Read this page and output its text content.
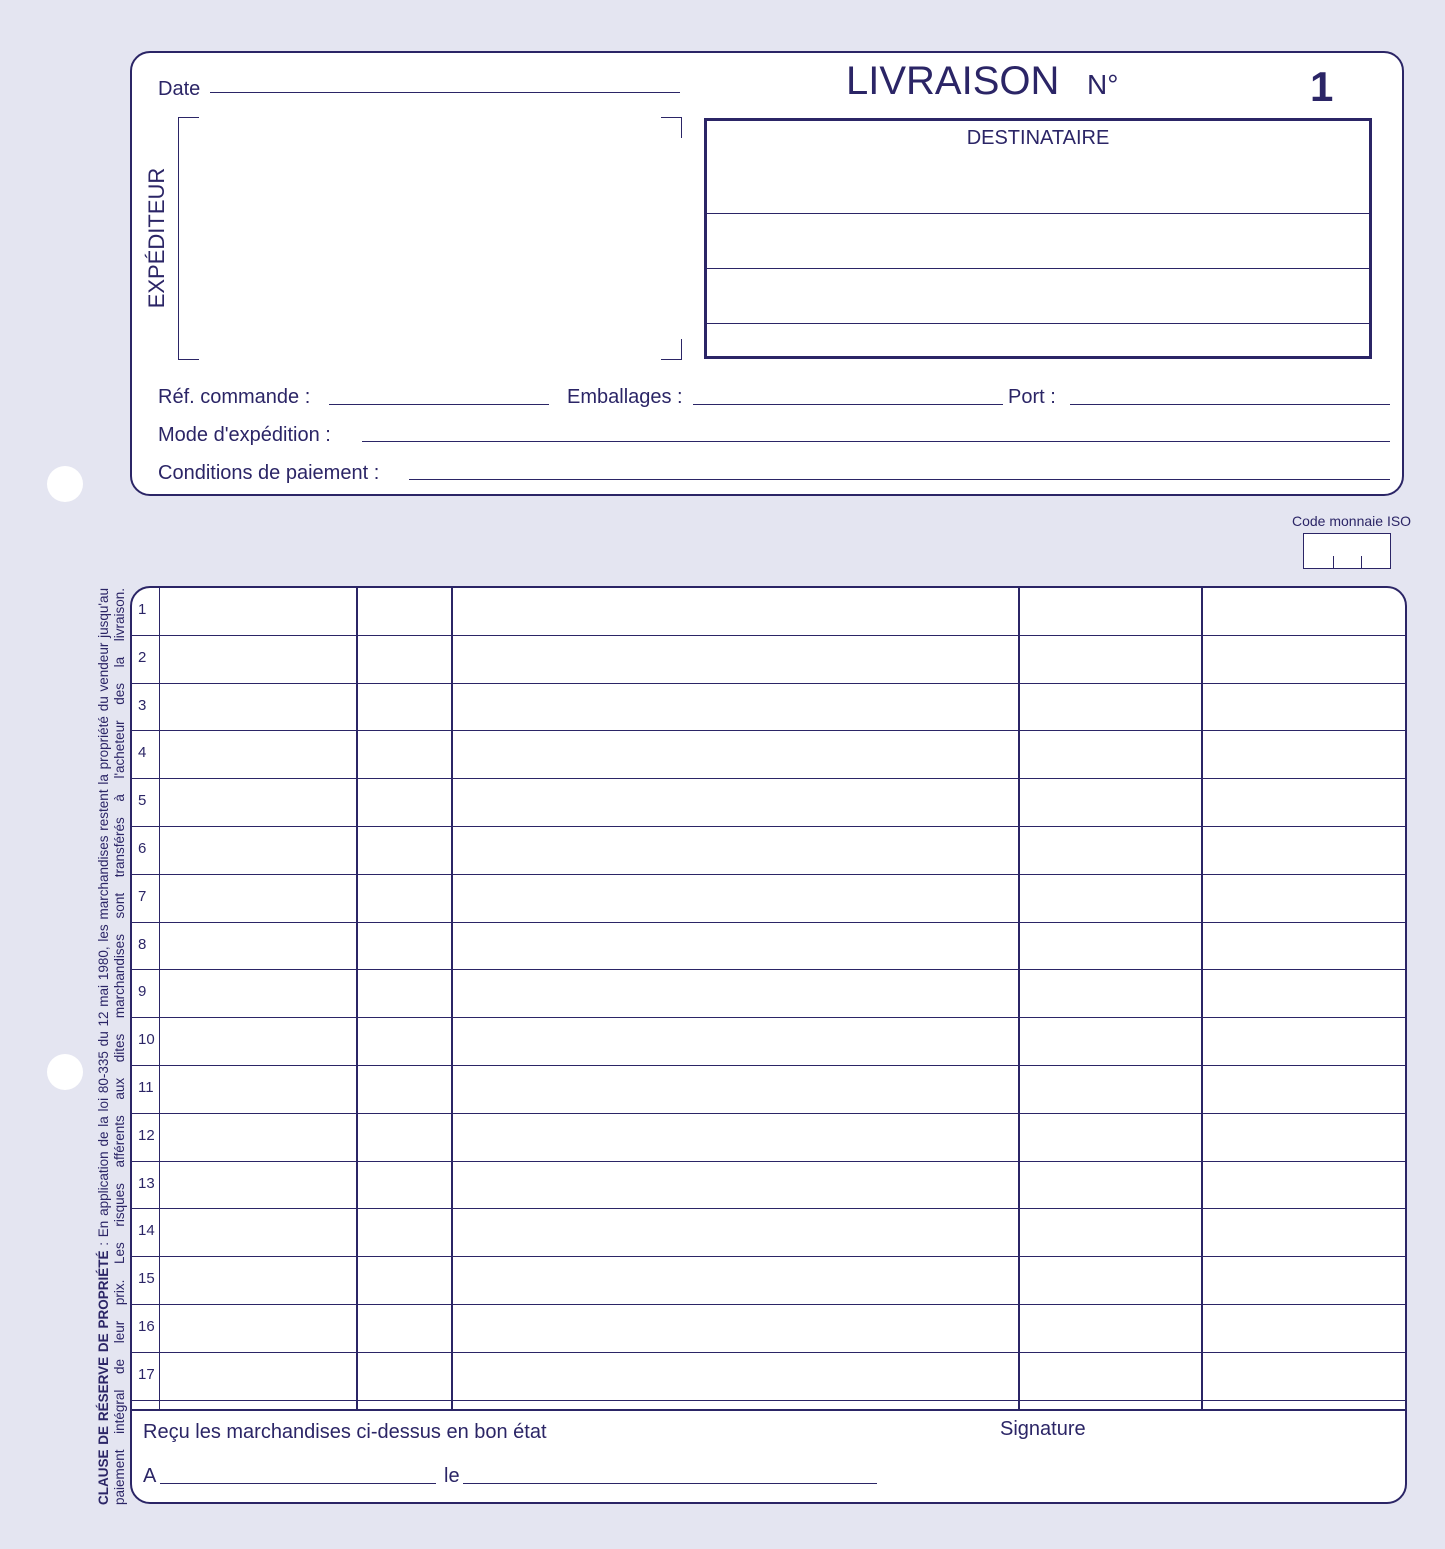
Date	LIVRAISON N°	1
EXPÉDITEUR
DESTINATAIRE
Réf. commande :	Emballages :	Port :
Mode d'expédition :
Conditions de paiement :
Code monnaie ISO
CLAUSE DE RÉSERVE DE PROPRIÉTÉ : En application de la loi 80-335 du 12 mai 1980, les marchandises restent la propriété du vendeur jusqu'au paiement intégral de leur prix. Les risques afférents aux dites marchandises sont transférés à l'acheteur des la livraison. 1
2
3
4
5
6
7
8
9
10
11
12
13
14
15
16
17
Reçu les marchandises ci-dessus en bon état	Signature
A	le
